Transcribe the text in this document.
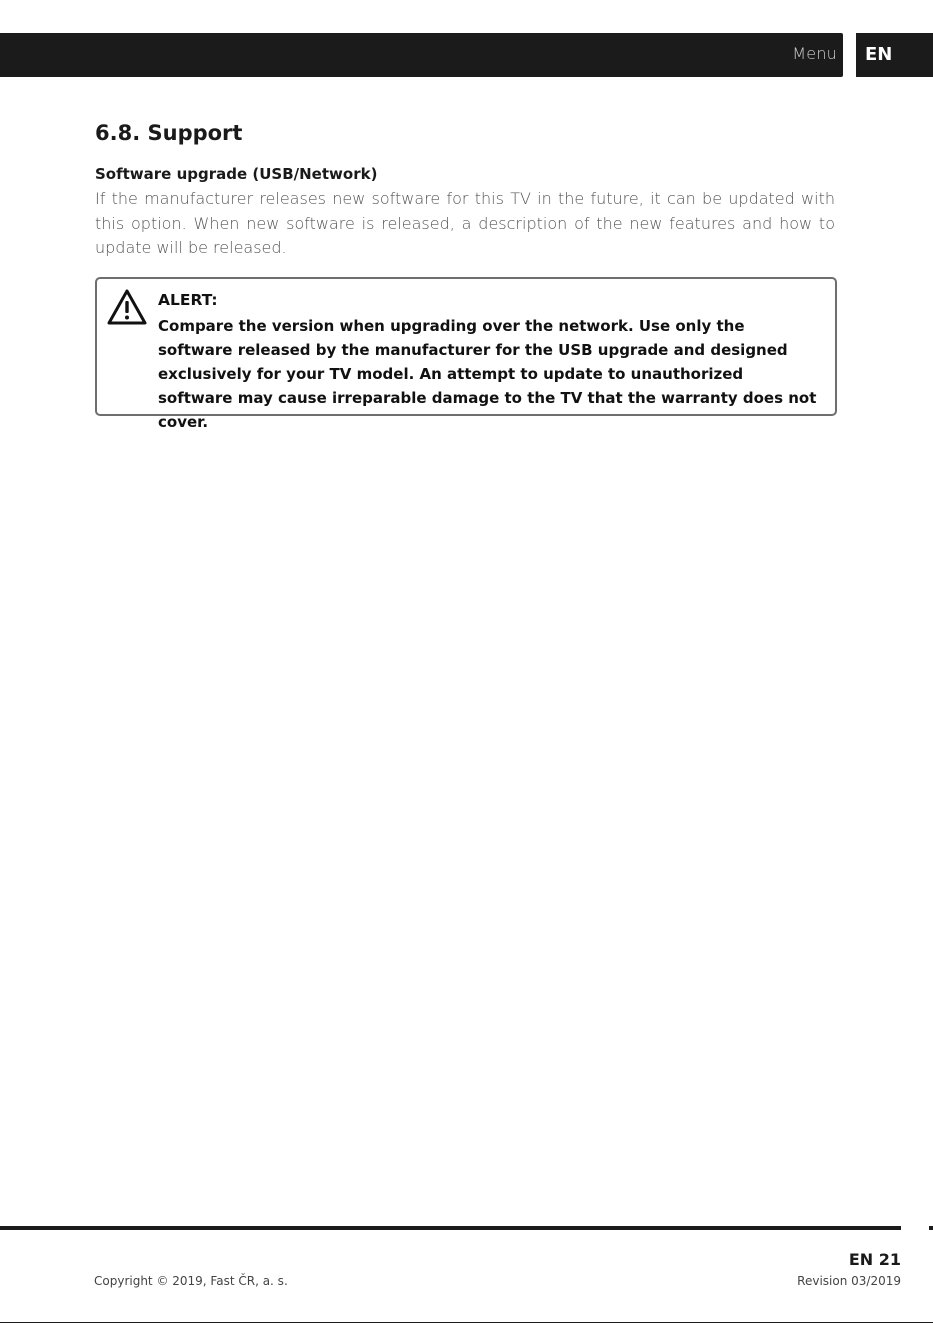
Menu	EN
6.8. Support
Software upgrade (USB/Network)

If the manufacturer releases new software for this TV in the future, it can be updated with this option. When new software is released, a description of the new features and how to update will be released.

ALERT:

Compare the version when upgrading over the network. Use only the software released by the manufacturer for the USB upgrade and designed exclusively for your TV model. An attempt to update to unauthorized software may cause irreparable damage to the TV that the warranty does not cover.

EN 21
Copyright © 2019, Fast ČR, a. s.	Revision 03/2019
